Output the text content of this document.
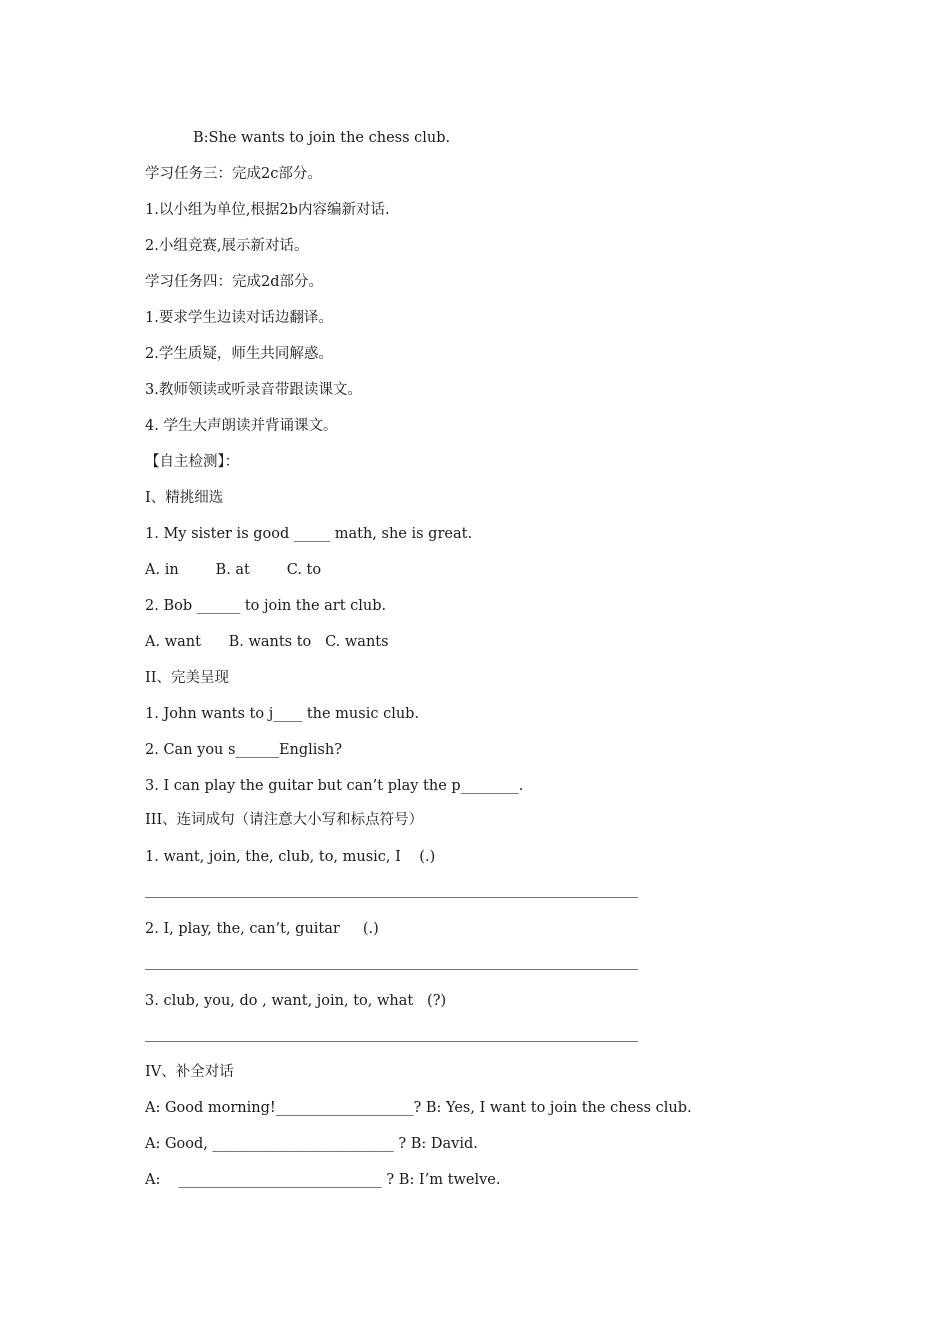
B:She wants to join the chess club.
学习任务三：完成2c部分。
1.以小组为单位,根据2b内容编新对话.
2.小组竞赛,展示新对话。
学习任务四：完成2d部分。
1.要求学生边读对话边翻译。
2.学生质疑，师生共同解惑。
3.教师领读或听录音带跟读课文。
4. 学生大声朗读并背诵课文。
【自主检测】：
I、精挑细选
1. My sister is good _____ math, she is great.
A. in        B. at        C. to
2. Bob ______ to join the art club.
A. want      B. wants to   C. wants
II、完美呈现
1. John wants to j____ the music club.
2. Can you s______English?
3. I can play the guitar but can’t play the p________.
III、连词成句（请注意大小写和标点符号）
1. want, join, the, club, to, music, I    (.)
2. I, play, the, can’t, guitar     (.)
3. club, you, do , want, join, to, what   (?)
IV、补全对话
A: Good morning!___________________? B: Yes, I want to join the chess club.
A: Good, _________________________ ? B: David.
A:    ____________________________ ? B: I’m twelve.
